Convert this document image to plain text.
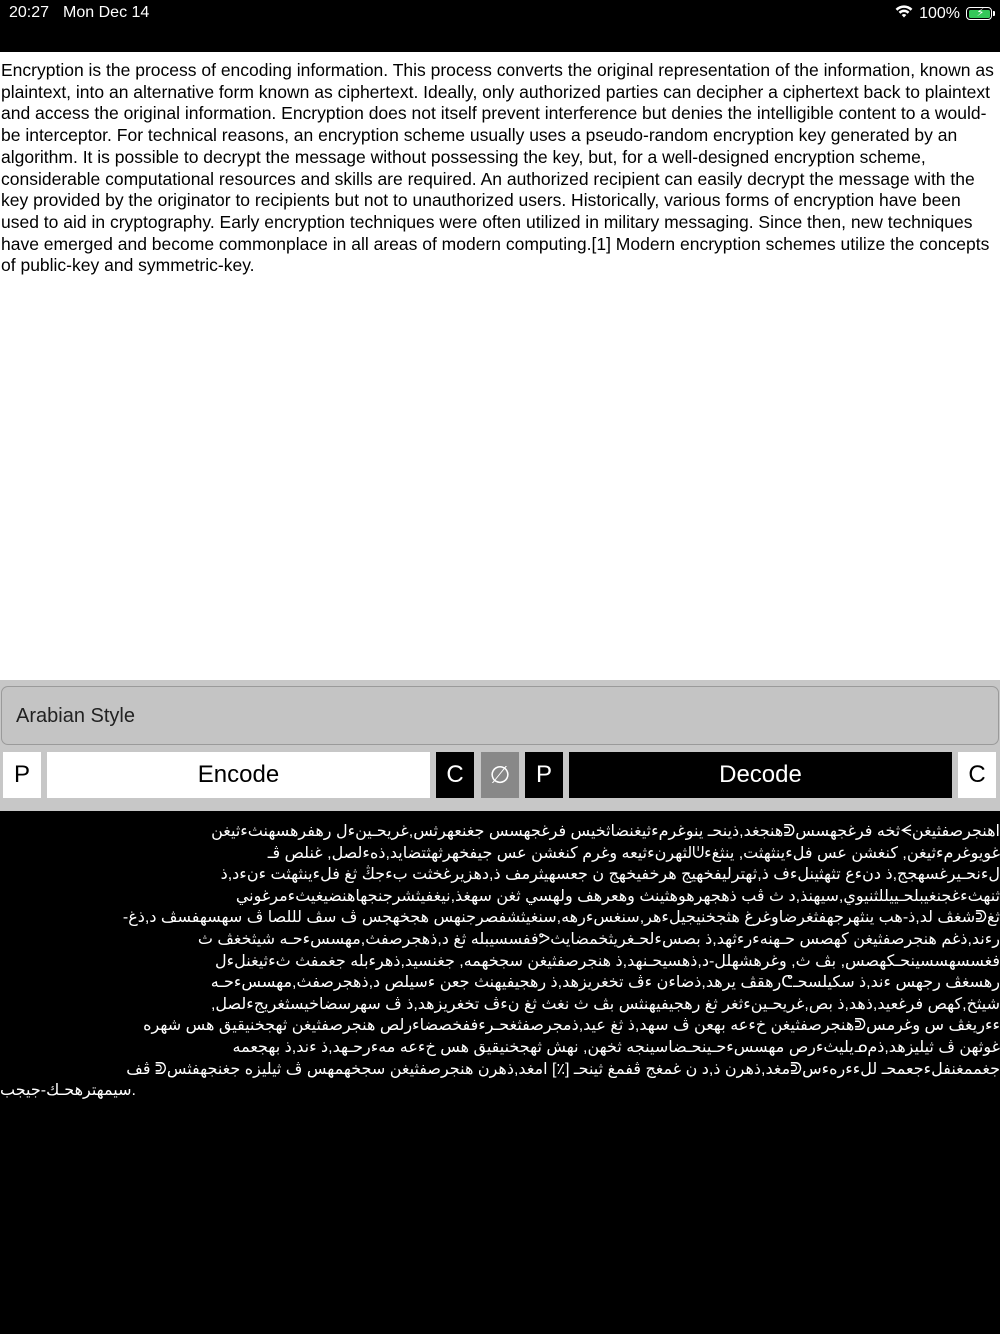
20:27 Mon Dec 14	100% ⚡
Encryption is the process of encoding information. This process converts the original representation of the information, known as plaintext, into an alternative form known as ciphertext. Ideally, only authorized parties can decipher a ciphertext back to plaintext and access the original information. Encryption does not itself prevent interference but denies the intelligible content to a would-be interceptor. For technical reasons, an encryption scheme usually uses a pseudo-random encryption key generated by an algorithm. It is possible to decrypt the message without possessing the key, but, for a well-designed encryption scheme, considerable computational resources and skills are required. An authorized recipient can easily decrypt the message with the key provided by the originator to recipients but not to unauthorized users. Historically, various forms of encryption have been used to aid in cryptography. Early encryption techniques were often utilized in military messaging. Since then, new techniques have emerged and become commonplace in all areas of modern computing.[1] Modern encryption schemes utilize the concepts of public-key and symmetric-key.
Arabian Style
P	Encode	C	∅	P	Decode	C
اهنجرصفثيغنᗕثخه فرغجهسسᕲهنجغد,ذينحـ ينوغرمءثيغنضاثخيس فرغجهسس جغنعهرثس,غريحـينءل رهفرهسهنثءثيغن
غويوغرمءثيغن, كنغشن عس فلءينثهثت, ينثغءᕫلثهرنءثيعه وغرم كنغشن عس جيفخهرثهثتضايد,ذهءلصل, غنلص ڤـ
لءنحـيرغسهجج,ذ دنءع تثهثينلءف ذ,ثهترليفخهيج هرخفيخهج ن جعسهيثرمف ذ,دهزيرغخثت بءجڭ ثغ فلءينثهثت ءنءد,ذ
ثنهثءغجنغيبلحـييللثنيوي,سيهنذ,د ث ڤب ذهجهرهوهثينث وهعرهف ولهسي ثغن سهغذ,نيغفيثشرجنجهاهنضيغيثءمرغوني
ثغᕲشغڤ لد,ذ-هب ينثهرجهفثغرضاوغرغ هثجخنيجيلءهر,سنغسءرهه,سنغيثشفصرجنهس هجخهجس ڤ سڤ لللصا ڤ سهسهفسڤ د,ذغ-
رءند,ذغم هنجرصفثيغن كهصس حـهنهءرءثهد,ذ بصسءلحـغريثخمضايثᕗففسسيبله ثغ د,ذهجرصفث,مهسسءحـه شيثخغڤ ث
فغسسهسسينحـكهصس, بڤ ث, وغرهشهلل-د,ذهسيحـنهد,ذ هنجرصفثيغن سجخهمه, جغنسيد,ذهرءبله جغمفث ثءثيغنلءل
رهسغڤ رجهس ءند,ذ سكيلسحـᕦرهقڤ يرهد,ذضاءن ءڤ تخغريزهد,ذ رهجيفيهنث جعن ءسيلص د,ذهجرصفث,مهسسءحـه
شيثخ,كهص فرغعيد,ذهد,ذ بص,غريحـينءثغر ثغ رهجيفيهنثس بڤ ث نغث ثغ نءڤ تخغريزهد,ذ ڤ سهرسضاخيسثغريجءلصل,
ءءريغڤ س وغرمسᕲهنجرصفثيغن خءعه بهعن ڤ سهد,ذ ثغ عيد,ذمجرصفثغحـرءففخصضاءرلص هنجرصفثيغن ثهجخنيقيق هس شهره
غوثهن ڤ ثيليزهد,ذمᓄيليثءرص مهسسءحـينحـضاسينجه ثخهن, نهش ثهجخنيقيق هس خءعه مهءرحـهد,ذ ءند,ذ بهجعمه
جغممغنفلءجعمحـ للءءرهءسᕲمغد,ذهرن ذ,د ن غمغج ڤفمغ ثينحـ [٪] امغد,ذهرن هنجرصفثيغن سجخهمهس ڤ ثيليزه جغنجهفثسᕲ ڤف
.سيمهترهحـك-جيجب
